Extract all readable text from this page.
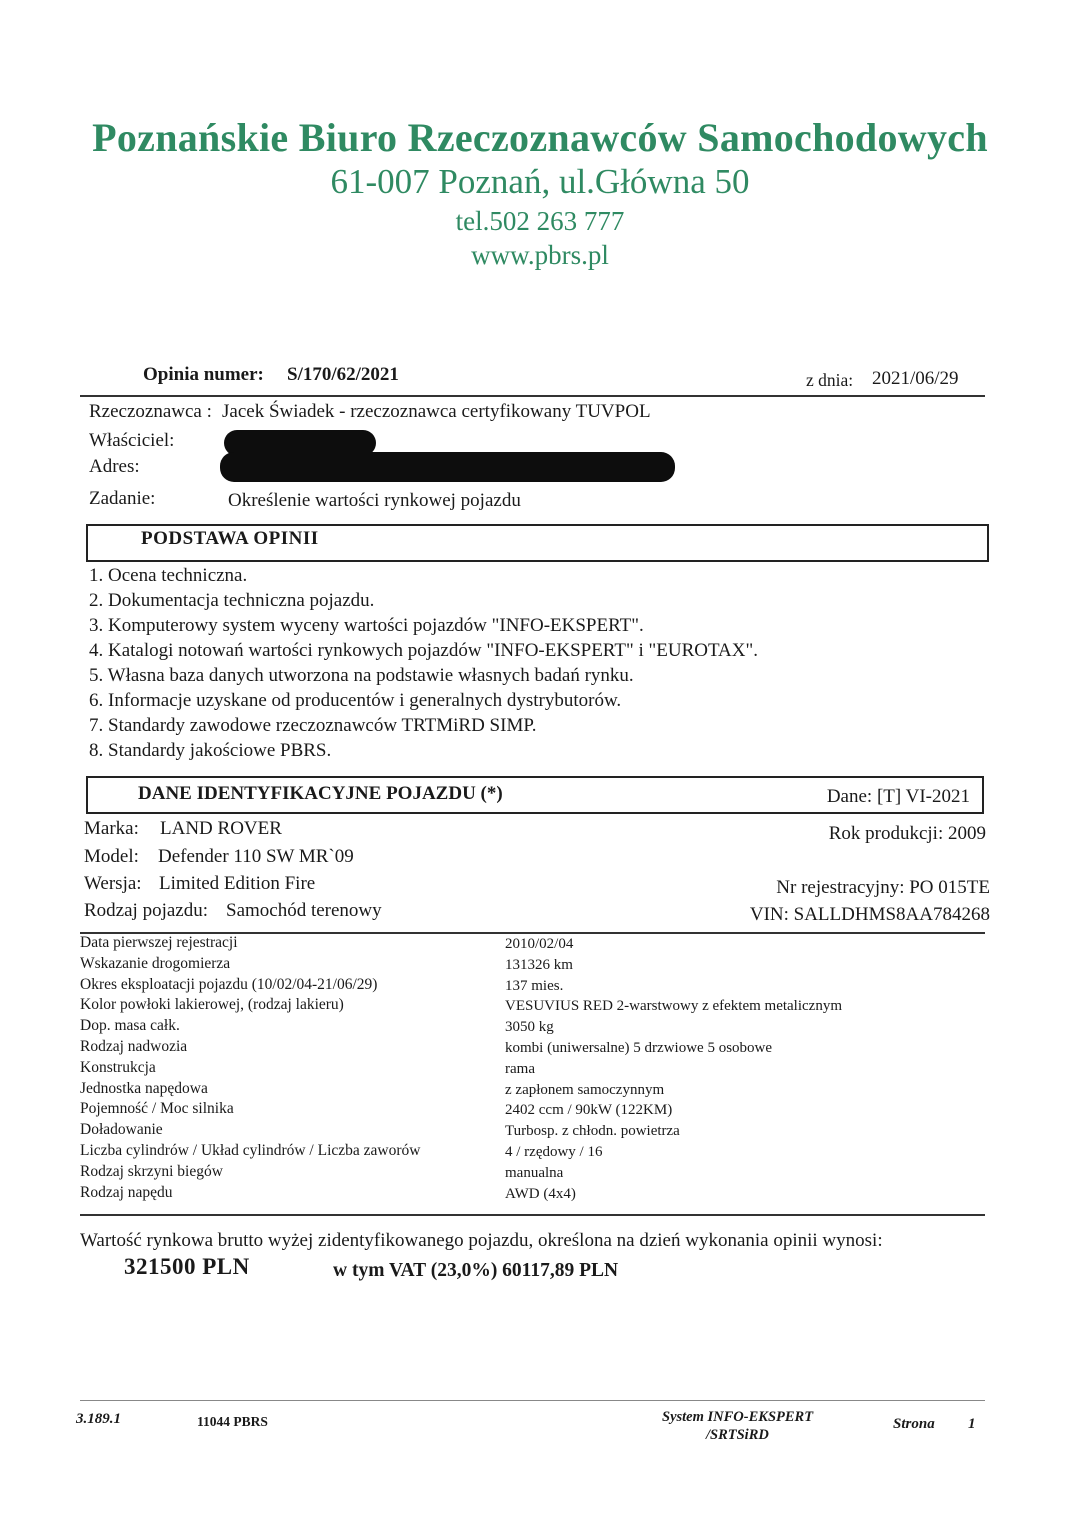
Poznańskie Biuro Rzeczoznawców Samochodowych
61-007 Poznań, ul.Główna 50
tel.502 263 777
www.pbrs.pl
Opinia numer: S/170/62/2021	z dnia: 2021/06/29
Rzeczoznawca : Jacek Świadek - rzeczoznawca certyfikowany TUVPOL
Właściciel:
Adres:
Zadanie:	Określenie wartości rynkowej pojazdu
PODSTAWA OPINII
1. Ocena techniczna.
2. Dokumentacja techniczna pojazdu.
3. Komputerowy system wyceny wartości pojazdów "INFO-EKSPERT".
4. Katalogi notowań wartości rynkowych pojazdów "INFO-EKSPERT" i "EUROTAX".
5. Własna baza danych utworzona na podstawie własnych badań rynku.
6. Informacje uzyskane od producentów i generalnych dystrybutorów.
7. Standardy zawodowe rzeczoznawców TRTMiRD SIMP.
8. Standardy jakościowe PBRS.
DANE IDENTYFIKACYJNE POJAZDU (*)	Dane: [T] VI-2021
Marka: LAND ROVER
Model: Defender 110 SW MR`09
Wersja: Limited Edition Fire
Rodzaj pojazdu: Samochód terenowy
Rok produkcji: 2009
Nr rejestracyjny: PO 015TE
VIN: SALLDHMS8AA784268
Data pierwszej rejestracji	2010/02/04
Wskazanie drogomierza	131326 km
Okres eksploatacji pojazdu (10/02/04-21/06/29)	137 mies.
Kolor powłoki lakierowej, (rodzaj lakieru)	VESUVIUS RED 2-warstwowy z efektem metalicznym
Dop. masa całk.	3050 kg
Rodzaj nadwozia	kombi (uniwersalne) 5 drzwiowe 5 osobowe
Konstrukcja	rama
Jednostka napędowa	z zapłonem samoczynnym
Pojemność / Moc silnika	2402 ccm / 90kW (122KM)
Doładowanie	Turbosp. z chłodn. powietrza
Liczba cylindrów / Układ cylindrów / Liczba zaworów	4 / rzędowy / 16
Rodzaj skrzyni biegów	manualna
Rodzaj napędu	AWD (4x4)
Wartość rynkowa brutto wyżej zidentyfikowanego pojazdu, określona na dzień wykonania opinii wynosi:
321500 PLN	w tym VAT (23,0%) 60117,89 PLN
3.189.1	11044 PBRS	System INFO-EKSPERT
/SRTSiRD
Strona 1
